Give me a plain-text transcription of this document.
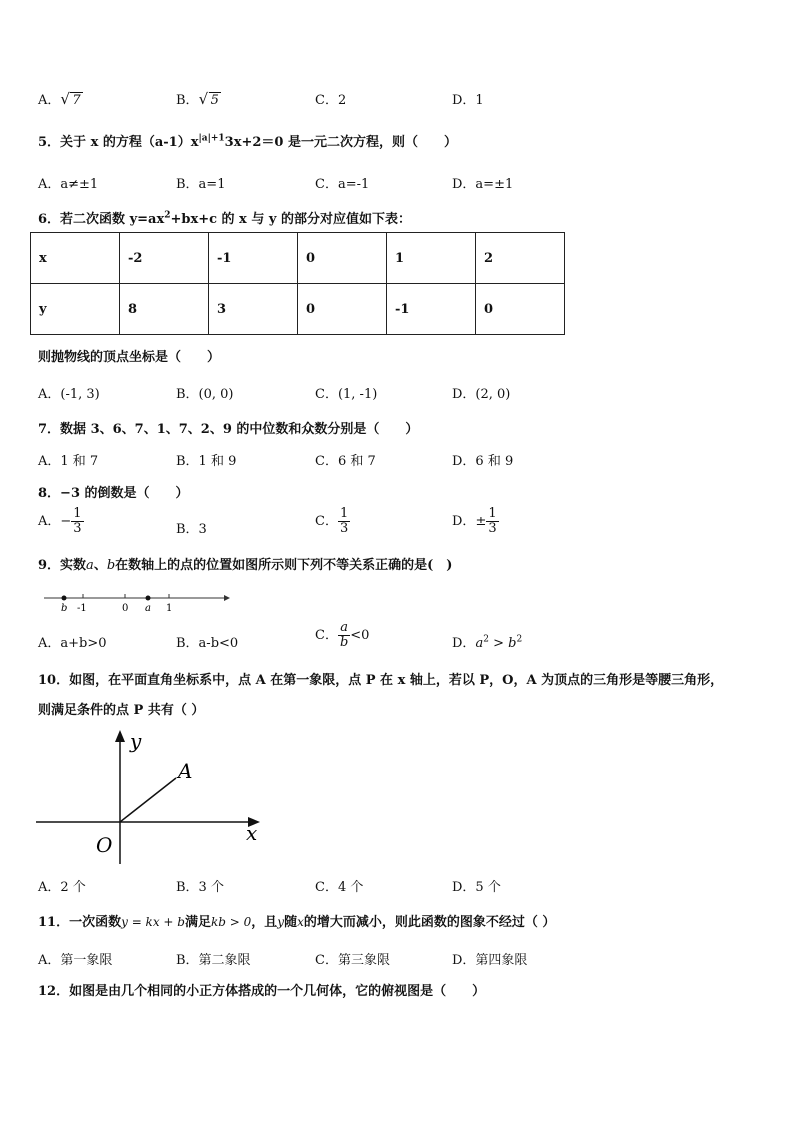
A． √ 7	B． √ 5	C．2	D．1
5．关于 x 的方程$(a-1)x^{|a|+1}3x+2=0$ 是一元二次方程，则（　　）
A．a≠±1	B．a=1	C．a=-1	D．a=±1
6．若二次函数 $y=ax^2+bx+c$ 的 x 与 y 的部分对应值如下表：
x	-2	-1	0	1	2
y	8	3	0	-1	0
则抛物线的顶点坐标是（　　）
A．(-1, 3)	B．(0, 0)	C．(1, -1)	D．(2, 0)
7．数据 3、6、7、1、7、2、9 的中位数和众数分别是（　　）
A．1 和 7	B．1 和 9	C．6 和 7	D．6 和 9
8．−3 的倒数是（　　）
A．− $\frac{1}{3}$	B．3
C． $\frac{1}{3}$	D．± $\frac{1}{3}$
9．实数a、b在数轴上的点的位置如图所示则下列不等关系正确的是(　)
b -1	0 a 1
A．a+b>0	B．a-b<0
C． $\frac{a}{b} <0$
D．$a^2 > b^2$
10．如图，在平面直角坐标系中，点 A 在第一象限，点 P 在 x 轴上，若以 P，O，A 为顶点的三角形是等腰三角形，
则满足条件的点 P 共有（ ）
y
x
O
A
A．2 个	B．3 个	C．4 个	D．5 个
11．一次函数y = kx + b满足kb > 0，且y随x的增大而减小，则此函数的图象不经过（ ）
A．第一象限	B．第二象限	C．第三象限	D．第四象限
12．如图是由几个相同的小正方体搭成的一个几何体，它的俯视图是（　　）
